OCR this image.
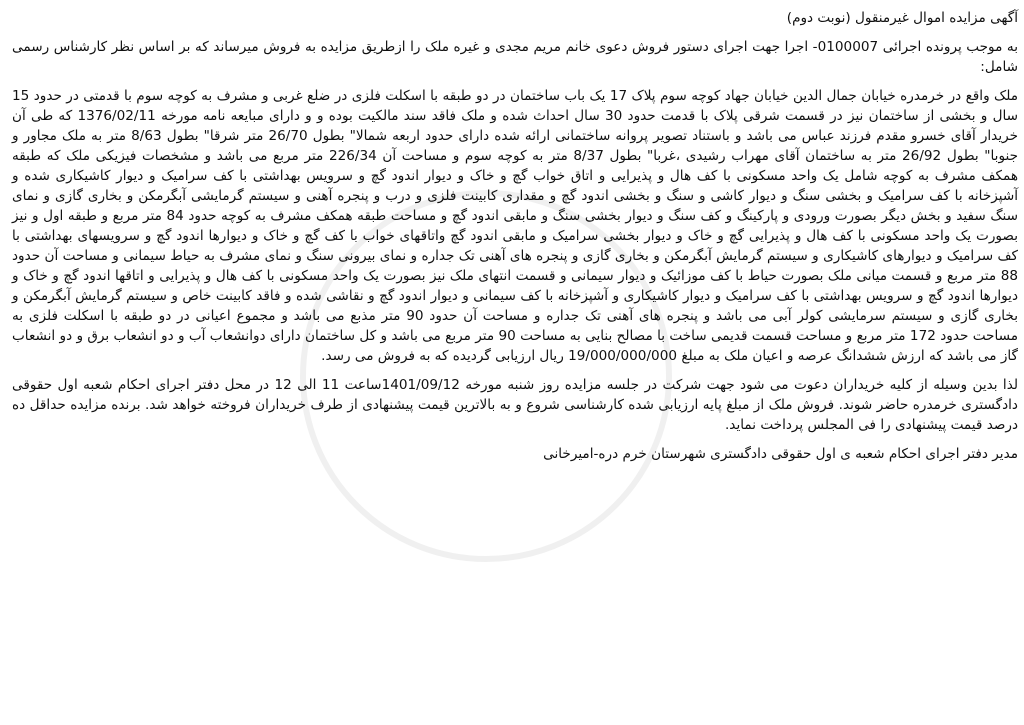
آگهی مزایده اموال غیرمنقول (نوبت دوم)

به موجب پرونده اجرائی 0100007- اجرا جهت اجرای دستور فروش دعوی خانم مریم مجدی و غیره ملک را ازطریق مزایده به فروش میرساند که بر اساس نظر کارشناس رسمی شامل:

ملک واقع در خرمدره خیابان جمال الدین خیابان جهاد کوچه سوم پلاک 17 یک باب ساختمان در دو طبقه با اسکلت فلزی در ضلع غربی و مشرف به کوچه سوم با قدمتی در حدود 15 سال و بخشی از ساختمان نیز در قسمت شرقی پلاک با قدمت حدود 30 سال احداث شده و ملک فاقد سند مالکیت بوده و و دارای مبایعه نامه مورخه 1376/02/11 که طی آن خریدار آقای خسرو مقدم فرزند عباس می باشد و باستناد تصویر پروانه ساختمانی ارائه شده دارای حدود اربعه شمالا" بطول 26/70 متر شرقا" بطول 8/63 متر به ملک مجاور و جنوبا" بطول 26/92 متر به ساختمان آقای مهراب رشیدی ،غربا" بطول 8/37 متر به کوچه سوم و مساحت آن 226/34 متر مربع می باشد و مشخصات فیزیکی ملک که طبقه همکف مشرف به کوچه شامل یک واحد مسکونی با کف هال و پذیرایی و اتاق خواب گچ و خاک و دیوار اندود گچ و سرویس بهداشتی با کف سرامیک و دیوار کاشیکاری شده و آشپزخانه با کف سرامیک و بخشی سنگ و دیوار کاشی و سنگ و بخشی اندود گچ و مقداری کابینت فلزی و درب و پنجره آهنی و سیستم گرمایشی آبگرمکن و بخاری گازی و نمای سنگ سفید و بخش دیگر بصورت ورودی و پارکینگ و کف سنگ و دیوار بخشی سنگ و مابقی اندود گچ و مساحت طبقه همکف مشرف به کوچه حدود 84 متر مربع و طبقه اول و نیز بصورت یک واحد مسکونی با کف هال و پذیرایی گچ و خاک و دیوار بخشی سرامیک و مابقی اندود گچ واتاقهای خواب با کف گچ و خاک و دیوارها اندود گچ و سرویسهای بهداشتی با کف سرامیک و دیوارهای کاشیکاری و سیستم گرمایش آبگرمکن و بخاری گازی و پنجره های آهنی تک جداره و نمای بیرونی سنگ و نمای مشرف به حیاط سیمانی و مساحت آن حدود 88 متر مربع و قسمت میانی ملک بصورت حیاط با کف موزائیک و دیوار سیمانی و قسمت انتهای ملک نیز بصورت یک واحد مسکونی با کف هال و پذیرایی و اتاقها اندود گچ و خاک و دیوارها اندود گچ و سرویس بهداشتی با کف سرامیک و دیوار کاشیکاری و آشپزخانه با کف سیمانی و دیوار اندود گچ و نقاشی شده و فاقد کابینت خاص و سیستم گرمایش آبگرمکن و بخاری گازی و سیستم سرمایشی کولر آبی می باشد و پنجره های آهنی تک جداره و مساحت آن حدود 90 متر مذبع می باشد و مجموع اعیانی در دو طبقه با اسکلت فلزی به مساحت حدود 172 متر مربع و مساحت قسمت قدیمی ساخت با مصالح بنایی به مساحت 90 متر مربع می باشد و کل ساختمان دارای دوانشعاب آب و دو انشعاب برق و دو انشعاب گاز می باشد که ارزش ششدانگ عرصه و اعیان ملک به مبلغ 19/000/000/000 ریال ارزیابی گردیده که به فروش می رسد.

لذا بدین وسیله از کلیه خریداران دعوت می شود جهت شرکت در جلسه مزایده روز شنبه مورخه 1401/09/12ساعت 11 الی 12 در محل دفتر اجرای احکام شعبه اول حقوقی دادگستری خرمدره حاضر شوند. فروش ملک از مبلغ پایه ارزیابی شده کارشناسی شروع و به بالاترین قیمت پیشنهادی از طرف خریداران فروخته خواهد شد. برنده مزایده حداقل ده درصد قیمت پیشنهادی را فی المجلس پرداخت نماید.

مدیر دفتر اجرای احکام شعبه ی اول حقوقی دادگستری شهرستان خرم دره-امیرخانی
